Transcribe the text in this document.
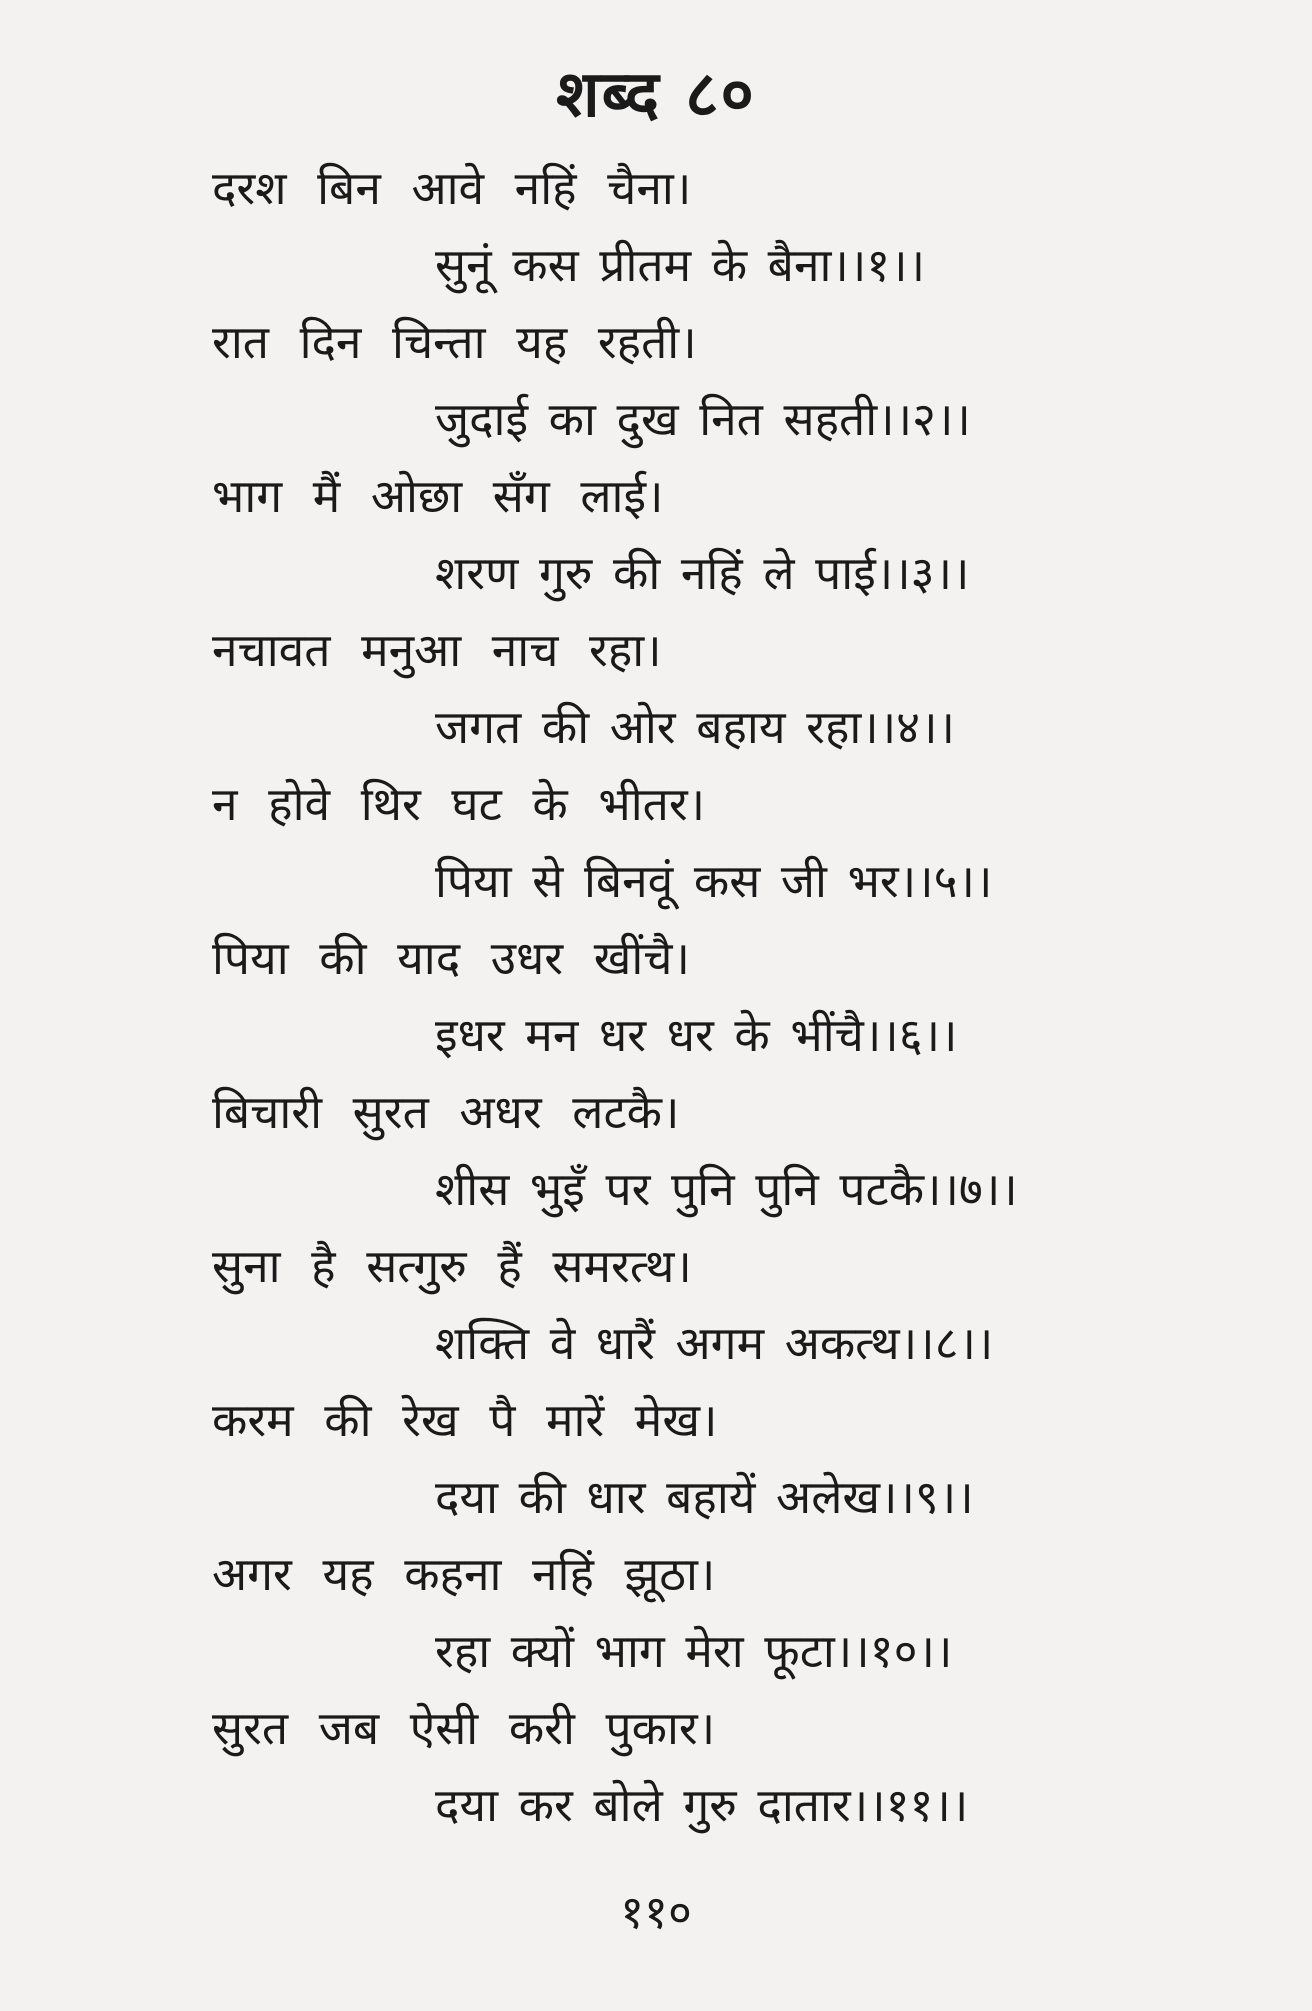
शब्द ८०
दरश बिन आवे नहिं चैना।
सुनूं कस प्रीतम के बैना।।१।।
रात दिन चिन्ता यह रहती।
जुदाई का दुख नित सहती।।२।।
भाग मैं ओछा सँग लाई।
शरण गुरु की नहिं ले पाई।।३।।
नचावत मनुआ नाच रहा।
जगत की ओर बहाय रहा।।४।।
न होवे थिर घट के भीतर।
पिया से बिनवूं कस जी भर।।५।।
पिया की याद उधर खींचै।
इधर मन धर धर के भींचै।।६।।
बिचारी सुरत अधर लटकै।
शीस भुइँ पर पुनि पुनि पटकै।।७।।
सुना है सत्गुरु हैं समरत्थ।
शक्ति वे धारैं अगम अकत्थ।।८।।
करम की रेख पै मारें मेख।
दया की धार बहायें अलेख।।९।।
अगर यह कहना नहिं झूठा।
रहा क्यों भाग मेरा फूटा।।१०।।
सुरत जब ऐसी करी पुकार।
दया कर बोले गुरु दातार।।११।।
११०
